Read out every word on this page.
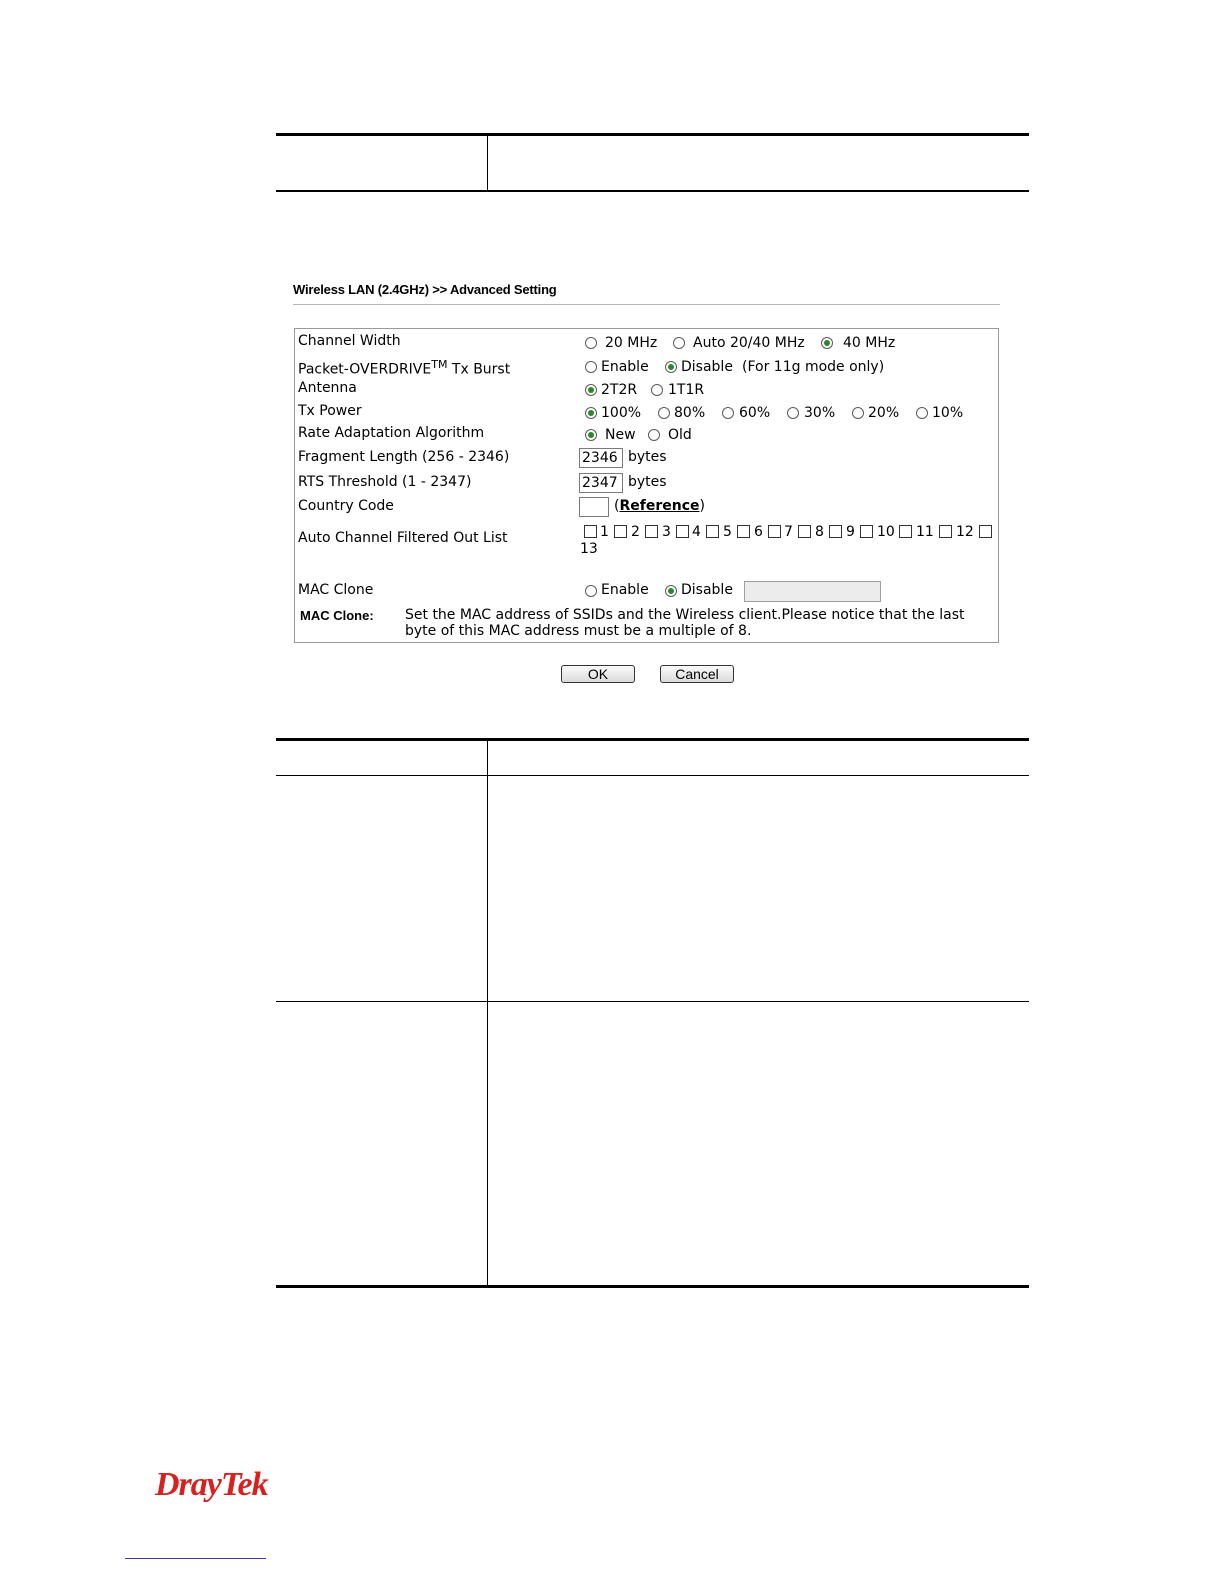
Wireless LAN (2.4GHz) >> Advanced Setting
Channel Width	20 MHz	Auto 20/40 MHz	40 MHz
Packet-OVERDRIVE™ Tx Burst	Enable Disable (For 11g mode only)
Antenna	2T2R 1T1R
Tx Power	100% 80% 60% 30% 20% 10%
Rate Adaptation Algorithm	New Old
Fragment Length (256 - 2346)	2346 bytes
RTS Threshold (1 - 2347)	2347 bytes
Country Code	(Reference)
Auto Channel Filtered Out List	1 2 3 4 5 6 7 8 9 10 11 12
13
MAC Clone	Enable Disable
MAC Clone: Set the MAC address of SSIDs and the Wireless client.Please notice that the last byte of this MAC address must be a multiple of 8.
OK	Cancel
DrayTek
